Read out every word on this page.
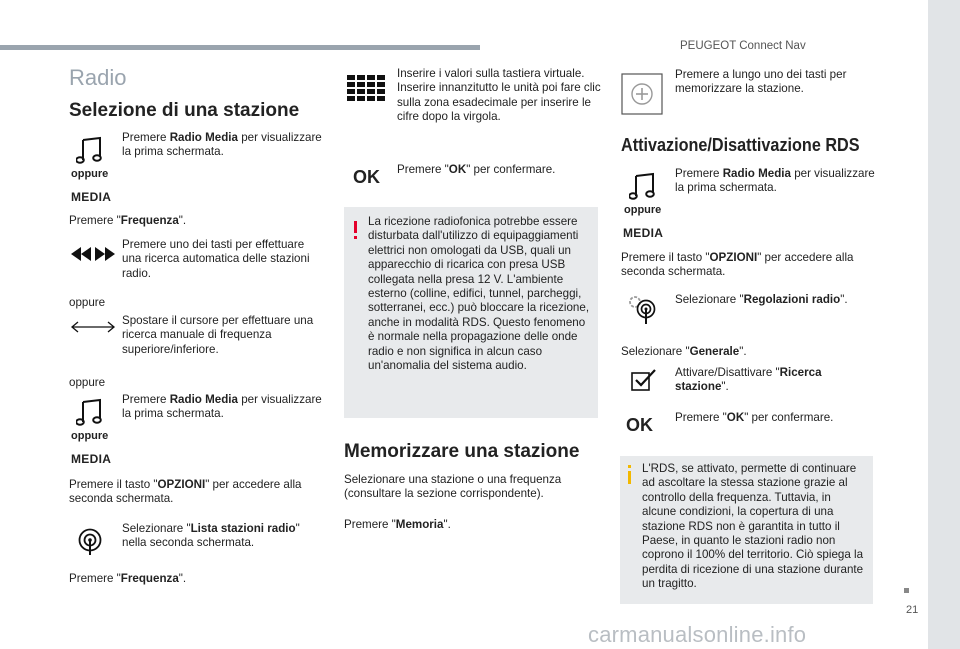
PEUGEOT Connect Nav
21
Radio
Selezione di una stazione
oppure
MEDIA
Premere Radio Media per visualizzare la prima schermata.
Premere "Frequenza".
Premere uno dei tasti per effettuare una ricerca automatica delle stazioni radio.
oppure
Spostare il cursore per effettuare una ricerca manuale di frequenza superiore/inferiore.
oppure
oppure
MEDIA
Premere Radio Media per visualizzare la prima schermata.
Premere il tasto "OPZIONI" per accedere alla seconda schermata.
Selezionare "Lista stazioni radio" nella seconda schermata.
Premere "Frequenza".
Inserire i valori sulla tastiera virtuale. Inserire innanzitutto le unità poi fare clic sulla zona esadecimale per inserire le cifre dopo la virgola.
OK Premere "OK" per confermare.
La ricezione radiofonica potrebbe essere disturbata dall'utilizzo di equipaggiamenti elettrici non omologati da USB, quali un apparecchio di ricarica con presa USB collegata nella presa 12 V. L'ambiente esterno (colline, edifici, tunnel, parcheggi, sotterranei, ecc.) può bloccare la ricezione, anche in modalità RDS. Questo fenomeno è normale nella propagazione delle onde radio e non significa in alcun caso un'anomalia del sistema audio.
Memorizzare una stazione
Selezionare una stazione o una frequenza (consultare la sezione corrispondente).
Premere "Memoria".
Premere a lungo uno dei tasti per memorizzare la stazione.
Attivazione/Disattivazione RDS
oppure
MEDIA
Premere Radio Media per visualizzare la prima schermata.
Premere il tasto "OPZIONI" per accedere alla seconda schermata.
Selezionare "Regolazioni radio".
Selezionare "Generale".
Attivare/Disattivare "Ricerca stazione".
OK Premere "OK" per confermare.
L'RDS, se attivato, permette di continuare ad ascoltare la stessa stazione grazie al controllo della frequenza. Tuttavia, in alcune condizioni, la copertura di una stazione RDS non è garantita in tutto il Paese, in quanto le stazioni radio non coprono il 100% del territorio. Ciò spiega la perdita di ricezione di una stazione durante un tragitto.
carmanualsonline.info
